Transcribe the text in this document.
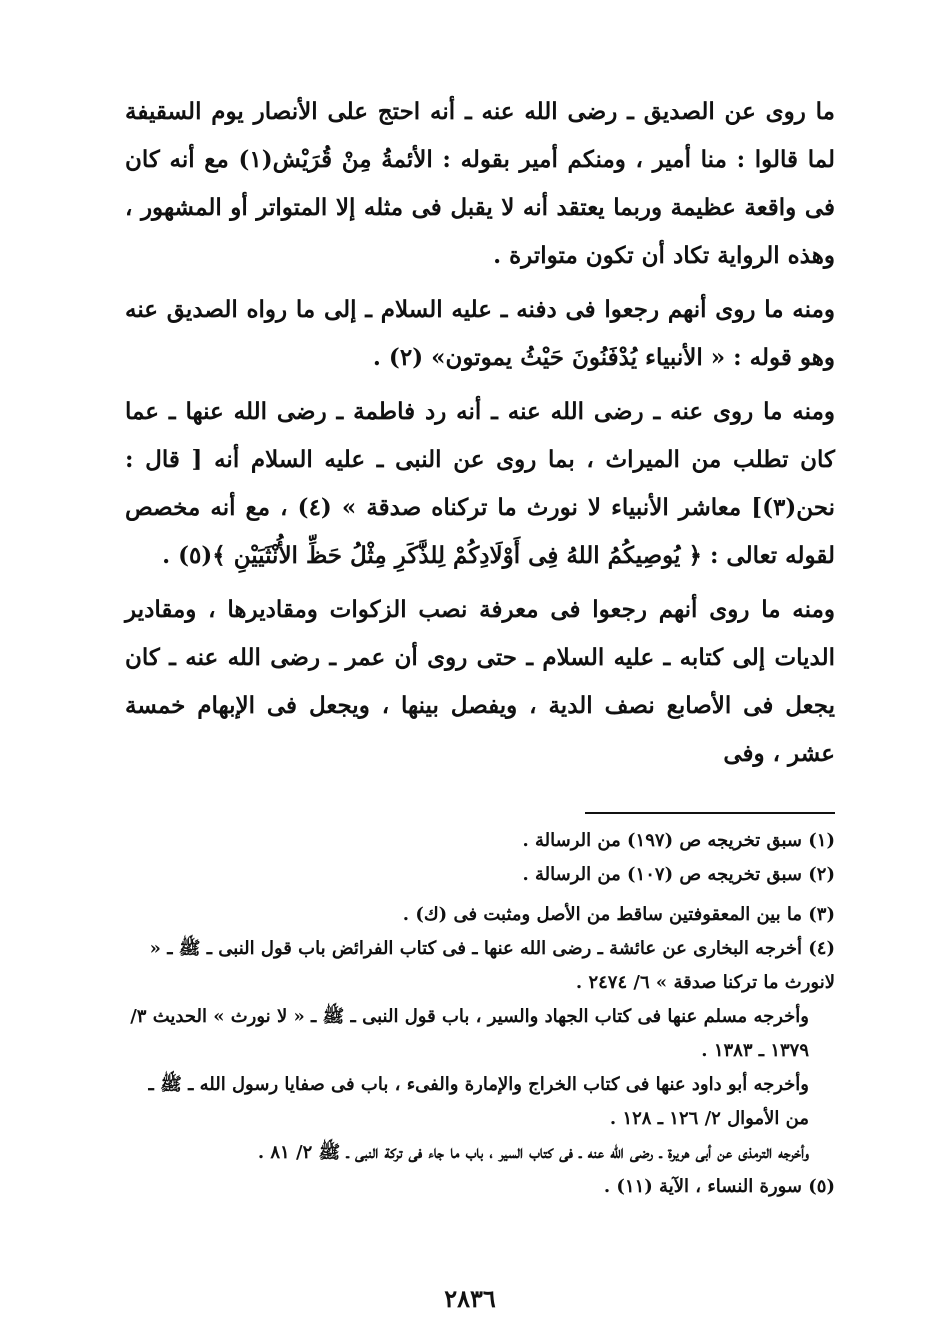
ما روى عن الصديق ـ رضى الله عنه ـ أنه احتج على الأنصار يوم السقيفة لما قالوا : منا أمير ، ومنكم أمير بقوله : الأئمةُ مِنْ قُرَيْش(١) مع أنه كان فى واقعة عظيمة وربما يعتقد أنه لا يقبل فى مثله إلا المتواتر أو المشهور ، وهذه الرواية تكاد أن تكون متواترة .

ومنه ما روى أنهم رجعوا فى دفنه ـ عليه السلام ـ إلى ما رواه الصديق عنه وهو قوله : « الأنبياء يُدْفَنُونَ حَيْثُ يموتون» (٢) .

ومنه ما روى عنه ـ رضى الله عنه ـ أنه رد فاطمة ـ رضى الله عنها ـ عما كان تطلب من الميراث ، بما روى عن النبى ـ عليه السلام أنه [ قال : نحن(٣)] معاشر الأنبياء لا نورث ما تركناه صدقة » (٤) ، مع أنه مخصص لقوله تعالى : ﴿ يُوصِيكُمُ اللهُ فِى أَوْلَادِكُمْ لِلذَّكَرِ مِثْلُ حَظِّ الأُنْثَيَيْنِ ﴾(٥) .

ومنه ما روى أنهم رجعوا فى معرفة نصب الزكوات ومقاديرها ، ومقادير الديات إلى كتابه ـ عليه السلام ـ حتى روى أن عمر ـ رضى الله عنه ـ كان يجعل فى الأصابع نصف الدية ، ويفصل بينها ، ويجعل فى الإبهام خمسة عشر ، وفى

(١) سبق تخريجه ص (١٩٧) من الرسالة .

(٢) سبق تخريجه ص (١٠٧) من الرسالة .

(٣) ما بين المعقوفتين ساقط من الأصل ومثبت فى (ك) .

(٤) أخرجه البخارى عن عائشة ـ رضى الله عنها ـ فى كتاب الفرائض باب قول النبى ـ ﷺ ـ « لانورث ما تركنا صدقة » ٦/ ٢٤٧٤ .

وأخرجه مسلم عنها فى كتاب الجهاد والسير ، باب قول النبى ـ ﷺ ـ « لا نورث » الحديث ٣/ ١٣٧٩ ـ ١٣٨٣ .

وأخرجه أبو داود عنها فى كتاب الخراج والإمارة والفىء ، باب فى صفايا رسول الله ـ ﷺ ـ من الأموال ٢/ ١٢٦ ـ ١٢٨ .

وأخرجه الترمذى عن أبى هريرة ـ رضى الله عنه ـ فى كتاب السير ، باب ما جاء فى تركة النبى ـ ﷺ ٢/ ٨١ .

(٥) سورة النساء ، الآية (١١) .

٢٨٣٦
